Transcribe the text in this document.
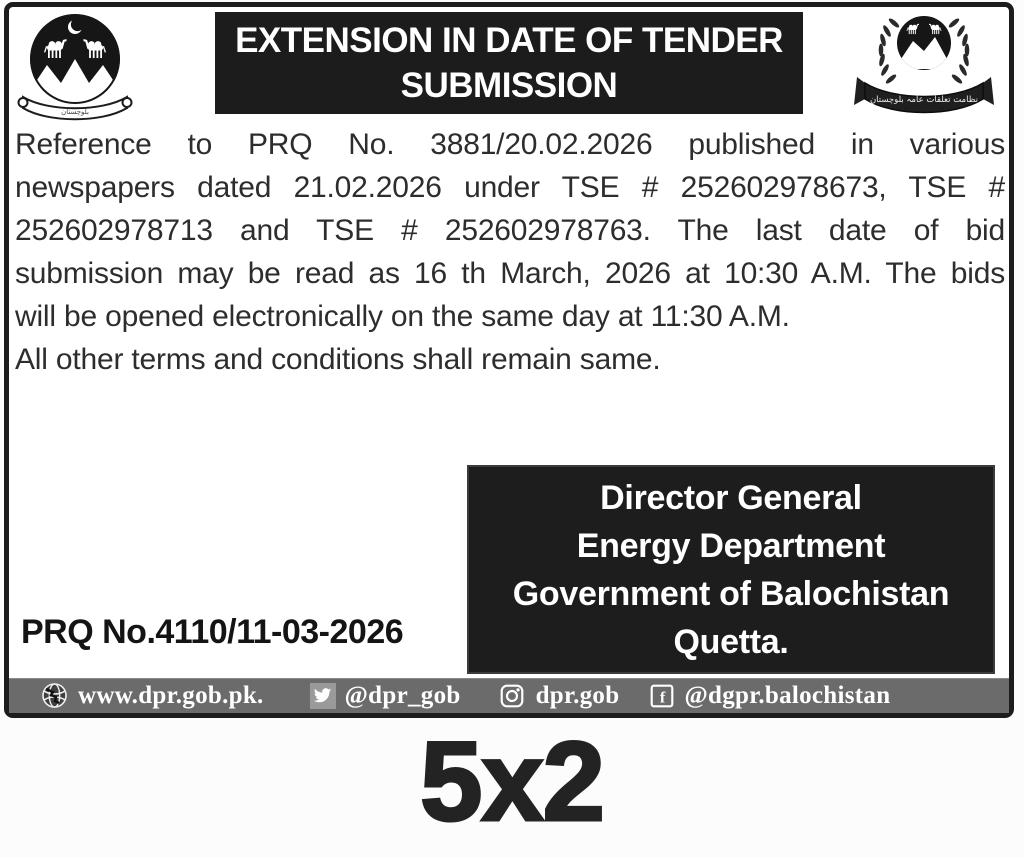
بلوچستان
EXTENSION IN DATE OF TENDER
SUBMISSION	نظامت تعلقات عامہ بلوچستان
Reference to PRQ No. 3881/20.02.2026 published in various
newspapers dated 21.02.2026 under TSE # 252602978673, TSE #
252602978713 and TSE # 252602978763. The last date of bid
submission may be read as 16 th March, 2026 at 10:30 A.M. The bids
will be opened electronically on the same day at 11:30 A.M.
All other terms and conditions shall remain same.
PRQ No.4110/11-03-2026
Director General
Energy Department
Government of Balochistan
Quetta.
www.dpr.gob.pk.	@dpr_gob	dpr.gob	f @dgpr.balochistan
5x2
